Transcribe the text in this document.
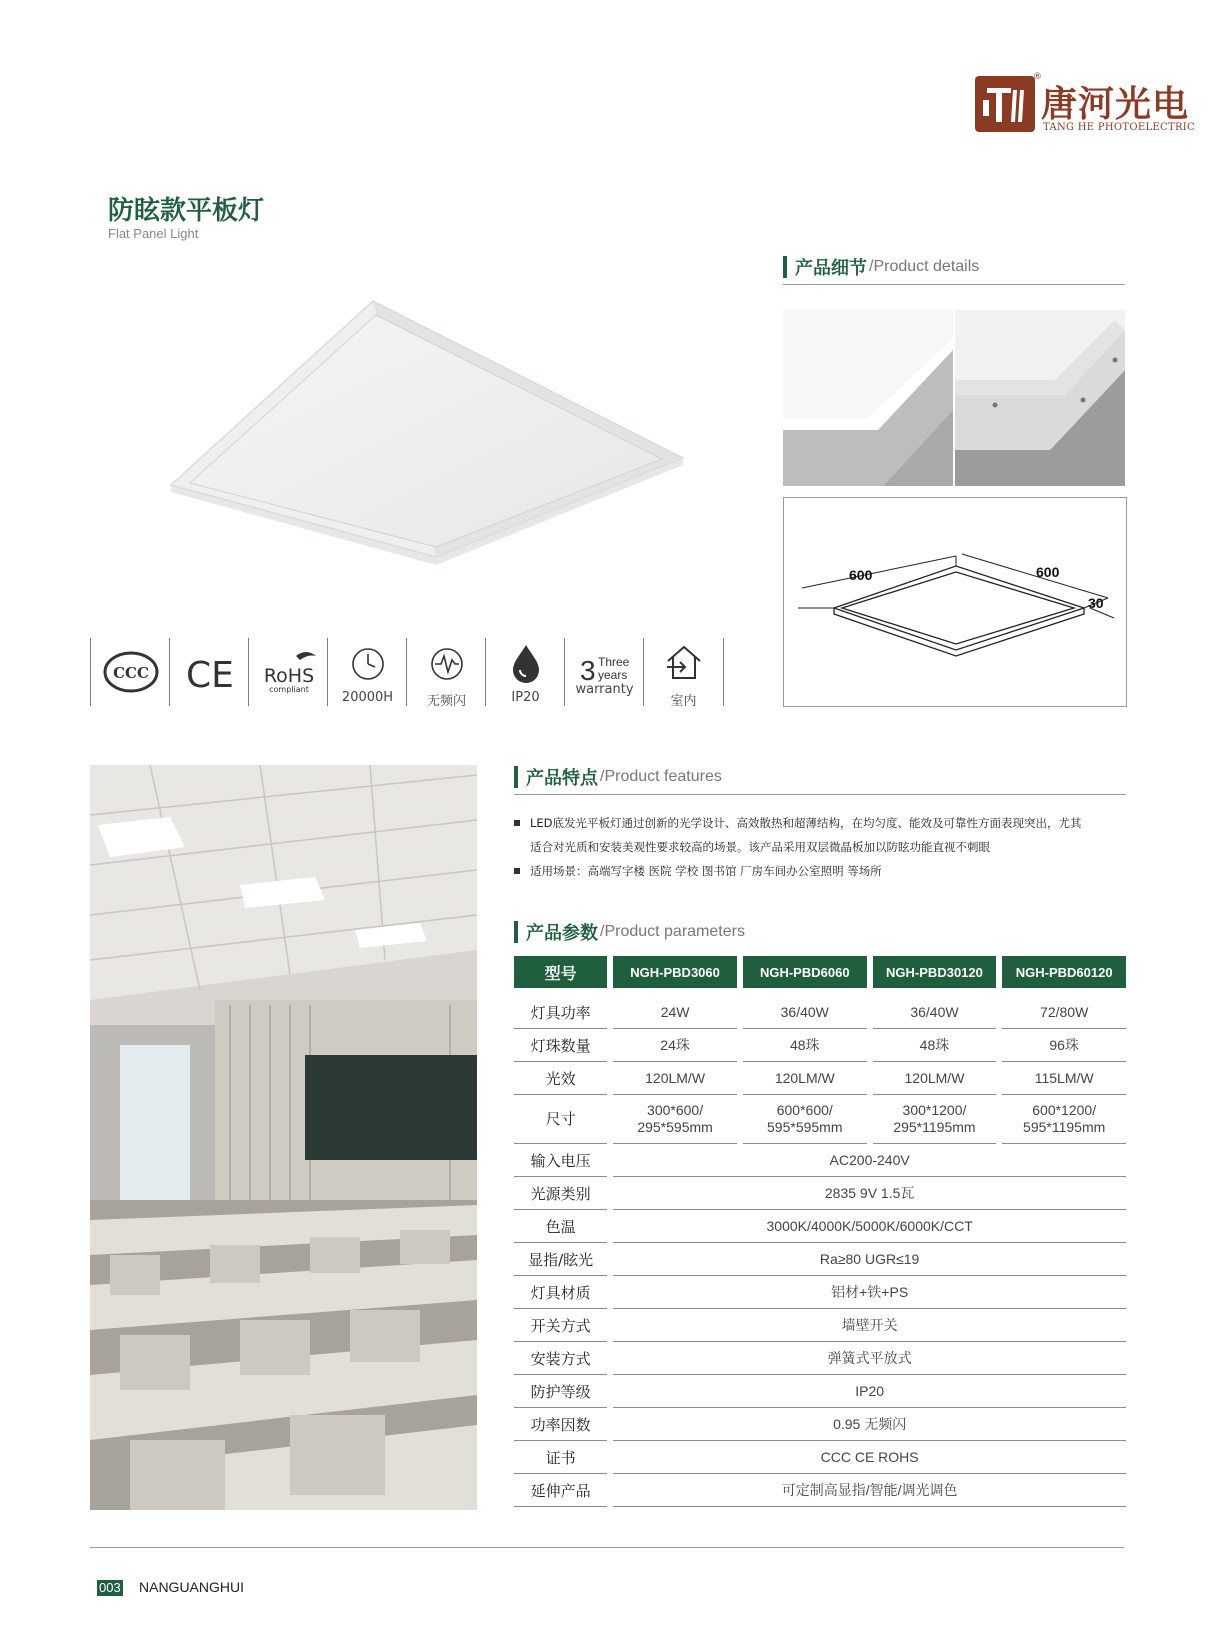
®
唐河光电
TANG HE PHOTOELECTRIC
防眩款平板灯
Flat Panel Light
产品细节 /Product details
600	600
30
CCC CE RoHS
compliant
20000H	无频闪	IP20
3 Three
years
warranty
室内
产品特点 /Product features
LED底发光平板灯通过创新的光学设计、高效散热和超薄结构，在均匀度、能效及可靠性方面表现突出，尤其
适合对光质和安装美观性要求较高的场景。该产品采用双层微晶板加以防眩功能直视不刺眼
适用场景：高端写字楼 医院 学校 图书馆 厂房车间办公室照明 等场所
产品参数 /Product parameters
型号		NGH-PBD3060		NGH-PBD6060		NGH-PBD30120		NGH-PBD60120

灯具功率		24W		36/40W		36/40W		72/80W
灯珠数量		24珠		48珠		48珠		96珠
光效		120LM/W		120LM/W		120LM/W		115LM/W
尺寸		300*600/
295*595mm		600*600/
595*595mm		300*1200/
295*1195mm		600*1200/
595*1195mm
输入电压		AC200-240V						
光源类别		2835 9V 1.5瓦						
色温		3000K/4000K/5000K/6000K/CCT						
显指/眩光		Ra≥80 UGR≤19						
灯具材质		铝材+铁+PS						
开关方式		墙壁开关						
安装方式		弹簧式平放式						
防护等级		IP20						
功率因数		0.95 无频闪						
证书		CCC CE ROHS						
延伸产品		可定制高显指/智能/调光调色						
003 NANGUANGHUI
